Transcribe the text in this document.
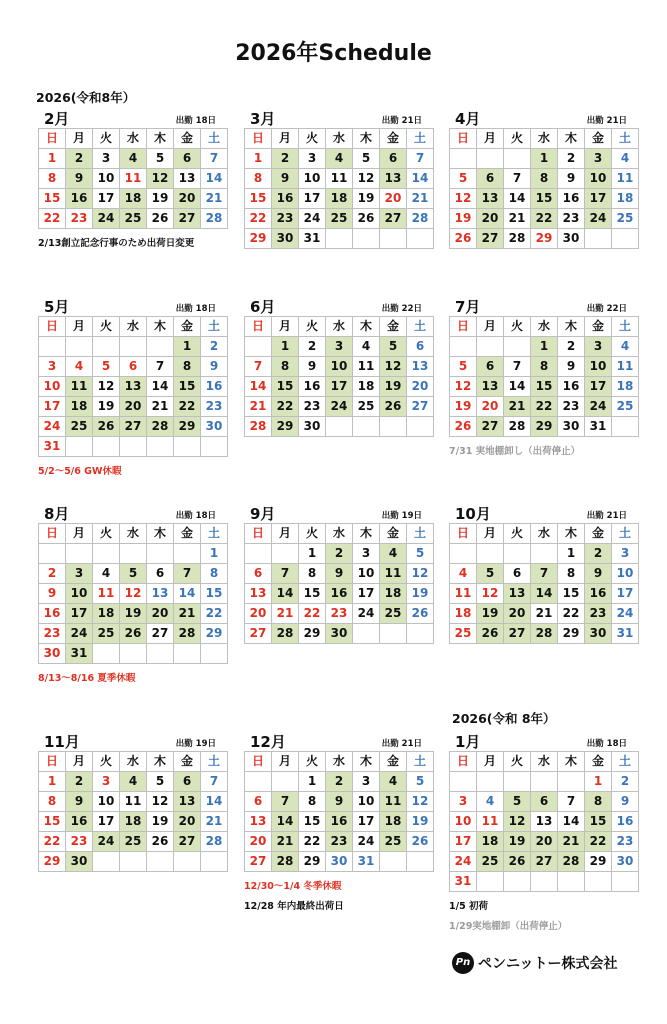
2026年Schedule
2026(令和8年）
2026(令和 8年）
2月	出勤 18日
日	月	火	水	木	金	土
1	2	3	4	5	6	7
8	9	10	11	12	13	14
15	16	17	18	19	20	21
22	23	24	25	26	27	28
2/13創立記念行事のため出荷日変更
3月	出勤 21日
日	月	火	水	木	金	土
1	2	3	4	5	6	7
8	9	10	11	12	13	14
15	16	17	18	19	20	21
22	23	24	25	26	27	28
29	30	31				
4月	出勤 21日
日	月	火	水	木	金	土
			1	2	3	4
5	6	7	8	9	10	11
12	13	14	15	16	17	18
19	20	21	22	23	24	25
26	27	28	29	30		
5月	出勤 18日
日	月	火	水	木	金	土
					1	2
3	4	5	6	7	8	9
10	11	12	13	14	15	16
17	18	19	20	21	22	23
24	25	26	27	28	29	30
31						
5/2～5/6 GW休暇
6月	出勤 22日
日	月	火	水	木	金	土
	1	2	3	4	5	6
7	8	9	10	11	12	13
14	15	16	17	18	19	20
21	22	23	24	25	26	27
28	29	30				
7月	出勤 22日
日	月	火	水	木	金	土
			1	2	3	4
5	6	7	8	9	10	11
12	13	14	15	16	17	18
19	20	21	22	23	24	25
26	27	28	29	30	31	
7/31 実地棚卸し（出荷停止）
8月	出勤 18日
日	月	火	水	木	金	土
						1
2	3	4	5	6	7	8
9	10	11	12	13	14	15
16	17	18	19	20	21	22
23	24	25	26	27	28	29
30	31					
8/13～8/16 夏季休暇
9月	出勤 19日
日	月	火	水	木	金	土
		1	2	3	4	5
6	7	8	9	10	11	12
13	14	15	16	17	18	19
20	21	22	23	24	25	26
27	28	29	30			
10月	出勤 21日
日	月	火	水	木	金	土
				1	2	3
4	5	6	7	8	9	10
11	12	13	14	15	16	17
18	19	20	21	22	23	24
25	26	27	28	29	30	31
11月	出勤 19日
日	月	火	水	木	金	土
1	2	3	4	5	6	7
8	9	10	11	12	13	14
15	16	17	18	19	20	21
22	23	24	25	26	27	28
29	30					
12月	出勤 21日
日	月	火	水	木	金	土
		1	2	3	4	5
6	7	8	9	10	11	12
13	14	15	16	17	18	19
20	21	22	23	24	25	26
27	28	29	30	31		
12/30～1/4 冬季休暇
12/28 年内最終出荷日
1月	出勤 18日
日	月	火	水	木	金	土
					1	2
3	4	5	6	7	8	9
10	11	12	13	14	15	16
17	18	19	20	21	22	23
24	25	26	27	28	29	30
31						
1/5 初荷
1/29実地棚卸（出荷停止）
Pn ペンニットー株式会社
